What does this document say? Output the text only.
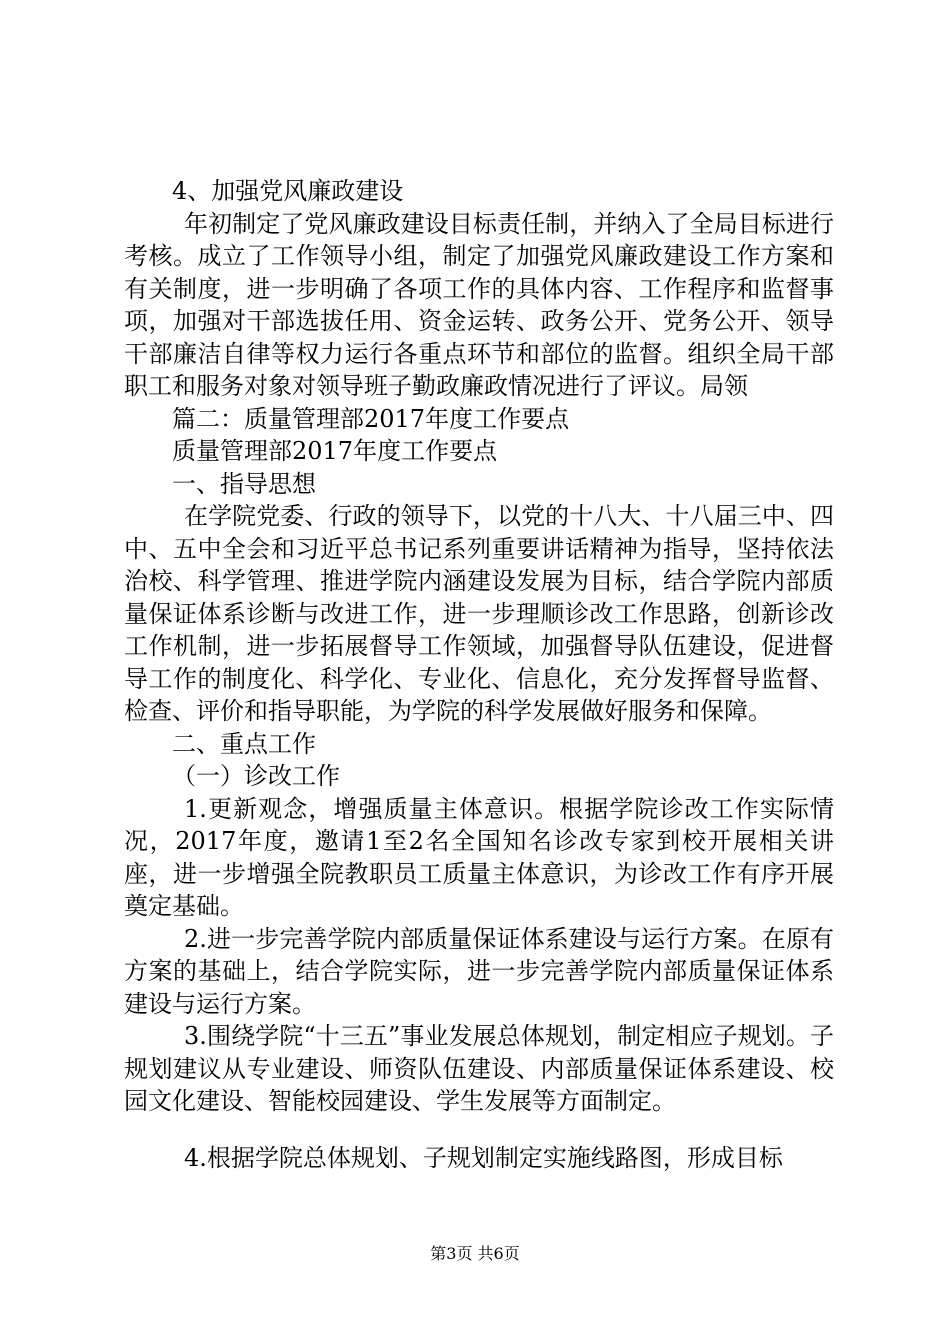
4、加强党风廉政建设

年初制定了党风廉政建设目标责任制，并纳入了全局目标进行考核。成立了工作领导小组，制定了加强党风廉政建设工作方案和有关制度，进一步明确了各项工作的具体内容、工作程序和监督事项，加强对干部选拔任用、资金运转、政务公开、党务公开、领导干部廉洁自律等权力运行各重点环节和部位的监督。组织全局干部职工和服务对象对领导班子勤政廉政情况进行了评议。局领

篇二：质量管理部2017年度工作要点

质量管理部2017年度工作要点

一、指导思想

在学院党委、行政的领导下，以党的十八大、十八届三中、四中、五中全会和习近平总书记系列重要讲话精神为指导，坚持依法治校、科学管理、推进学院内涵建设发展为目标，结合学院内部质量保证体系诊断与改进工作，进一步理顺诊改工作思路，创新诊改工作机制，进一步拓展督导工作领域，加强督导队伍建设，促进督导工作的制度化、科学化、专业化、信息化，充分发挥督导监督、检查、评价和指导职能，为学院的科学发展做好服务和保障。

二、重点工作

（一）诊改工作

1.更新观念，增强质量主体意识。根据学院诊改工作实际情况，2017年度，邀请1至2名全国知名诊改专家到校开展相关讲座，进一步增强全院教职员工质量主体意识，为诊改工作有序开展奠定基础。

2.进一步完善学院内部质量保证体系建设与运行方案。在原有方案的基础上，结合学院实际，进一步完善学院内部质量保证体系建设与运行方案。

3.围绕学院“十三五”事业发展总体规划，制定相应子规划。子规划建议从专业建设、师资队伍建设、内部质量保证体系建设、校园文化建设、智能校园建设、学生发展等方面制定。

4.根据学院总体规划、子规划制定实施线路图，形成目标

第3页 共6页
